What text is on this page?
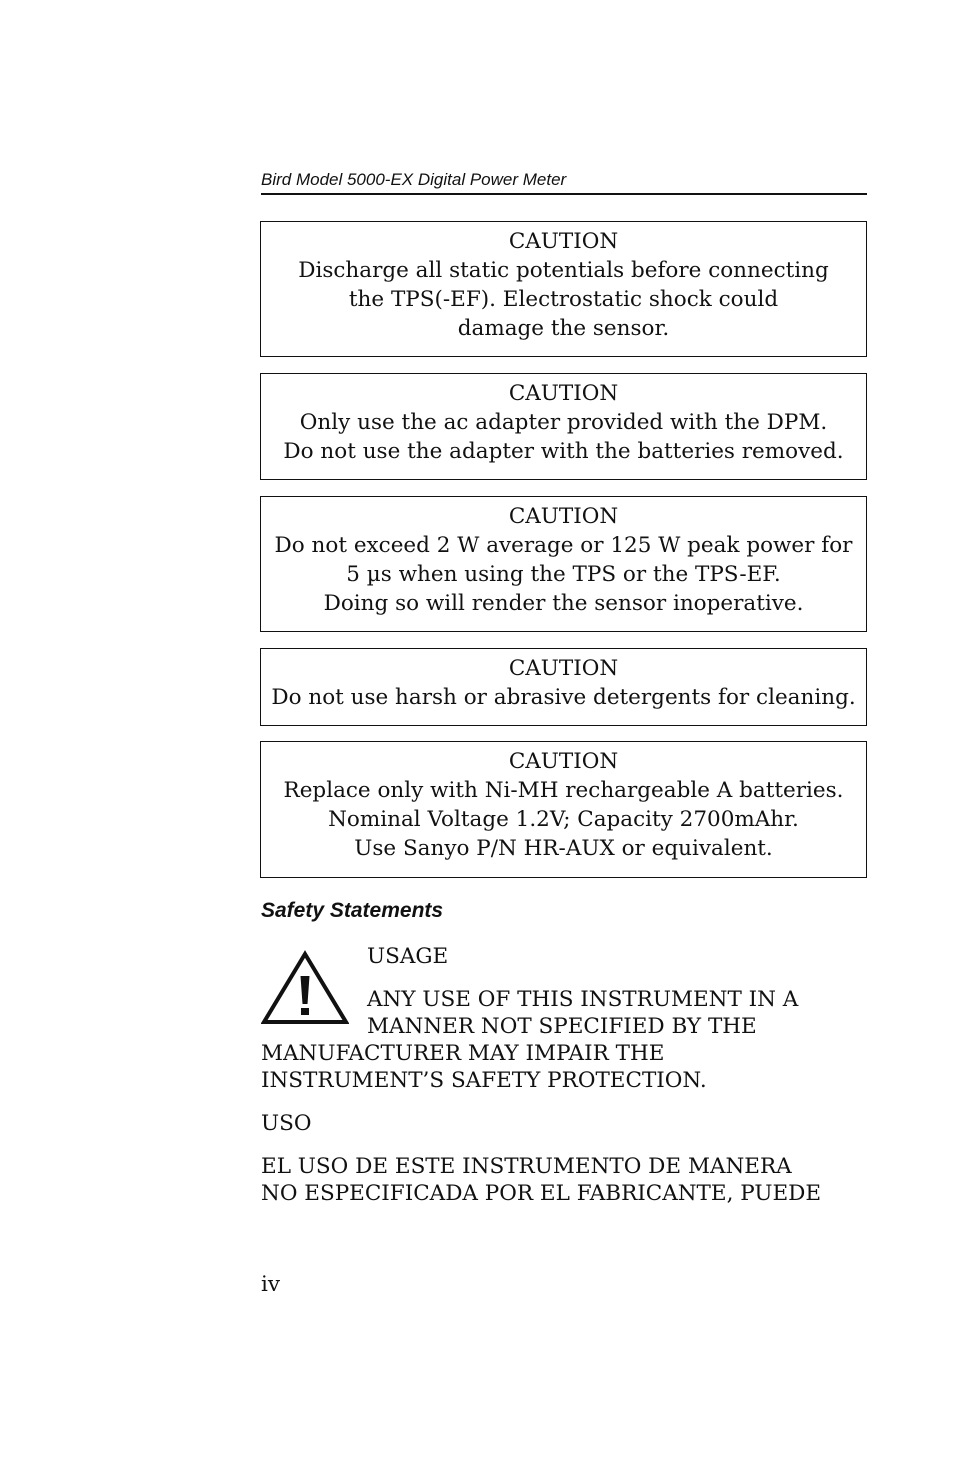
Bird Model 5000-EX Digital Power Meter
CAUTION
Discharge all static potentials before connecting
the TPS(-EF). Electrostatic shock could
damage the sensor.
CAUTION
Only use the ac adapter provided with the DPM.
Do not use the adapter with the batteries removed.
CAUTION
Do not exceed 2 W average or 125 W peak power for
5 µs when using the TPS or the TPS-EF.
Doing so will render the sensor inoperative.
CAUTION
Do not use harsh or abrasive detergents for cleaning.
CAUTION
Replace only with Ni-MH rechargeable A batteries.
Nominal Voltage 1.2V; Capacity 2700mAhr.
Use Sanyo P/N HR-AUX or equivalent.
Safety Statements
USAGE
ANY USE OF THIS INSTRUMENT IN A
MANNER NOT SPECIFIED BY THE
MANUFACTURER MAY IMPAIR THE
INSTRUMENT’S SAFETY PROTECTION.
USO
EL USO DE ESTE INSTRUMENTO DE MANERA
NO ESPECIFICADA POR EL FABRICANTE, PUEDE
iv
